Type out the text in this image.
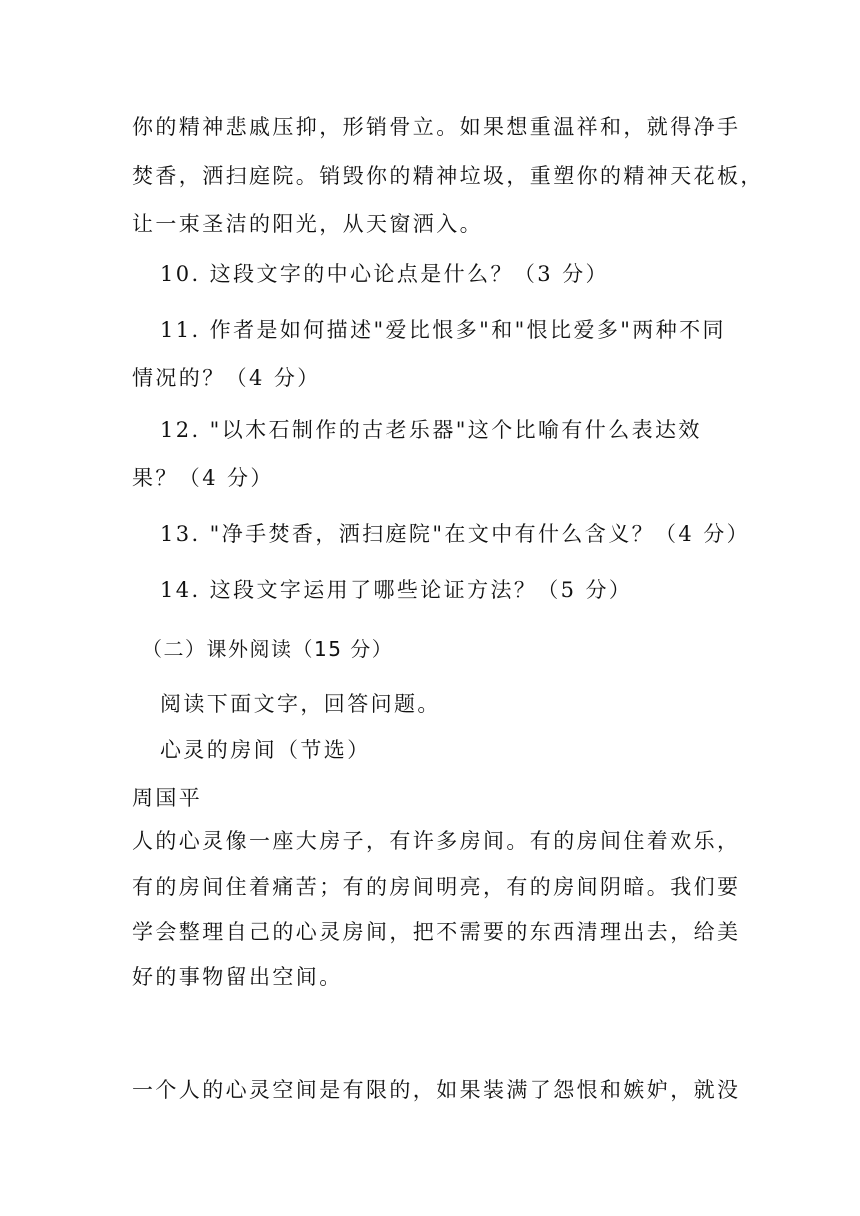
你的精神悲戚压抑，形销骨立。如果想重温祥和，就得净手
焚香，洒扫庭院。销毁你的精神垃圾，重塑你的精神天花板，
让一束圣洁的阳光，从天窗洒入。
10. 这段文字的中心论点是什么？（3 分）
11. 作者是如何描述"爱比恨多"和"恨比爱多"两种不同
情况的？（4 分）
12. "以木石制作的古老乐器"这个比喻有什么表达效
果？（4 分）
13. "净手焚香，洒扫庭院"在文中有什么含义？（4 分）
14. 这段文字运用了哪些论证方法？（5 分）
（二）课外阅读（15 分）
阅读下面文字，回答问题。
心灵的房间（节选）
周国平
人的心灵像一座大房子，有许多房间。有的房间住着欢乐，
有的房间住着痛苦；有的房间明亮，有的房间阴暗。我们要
学会整理自己的心灵房间，把不需要的东西清理出去，给美
好的事物留出空间。
一个人的心灵空间是有限的，如果装满了怨恨和嫉妒，就没
